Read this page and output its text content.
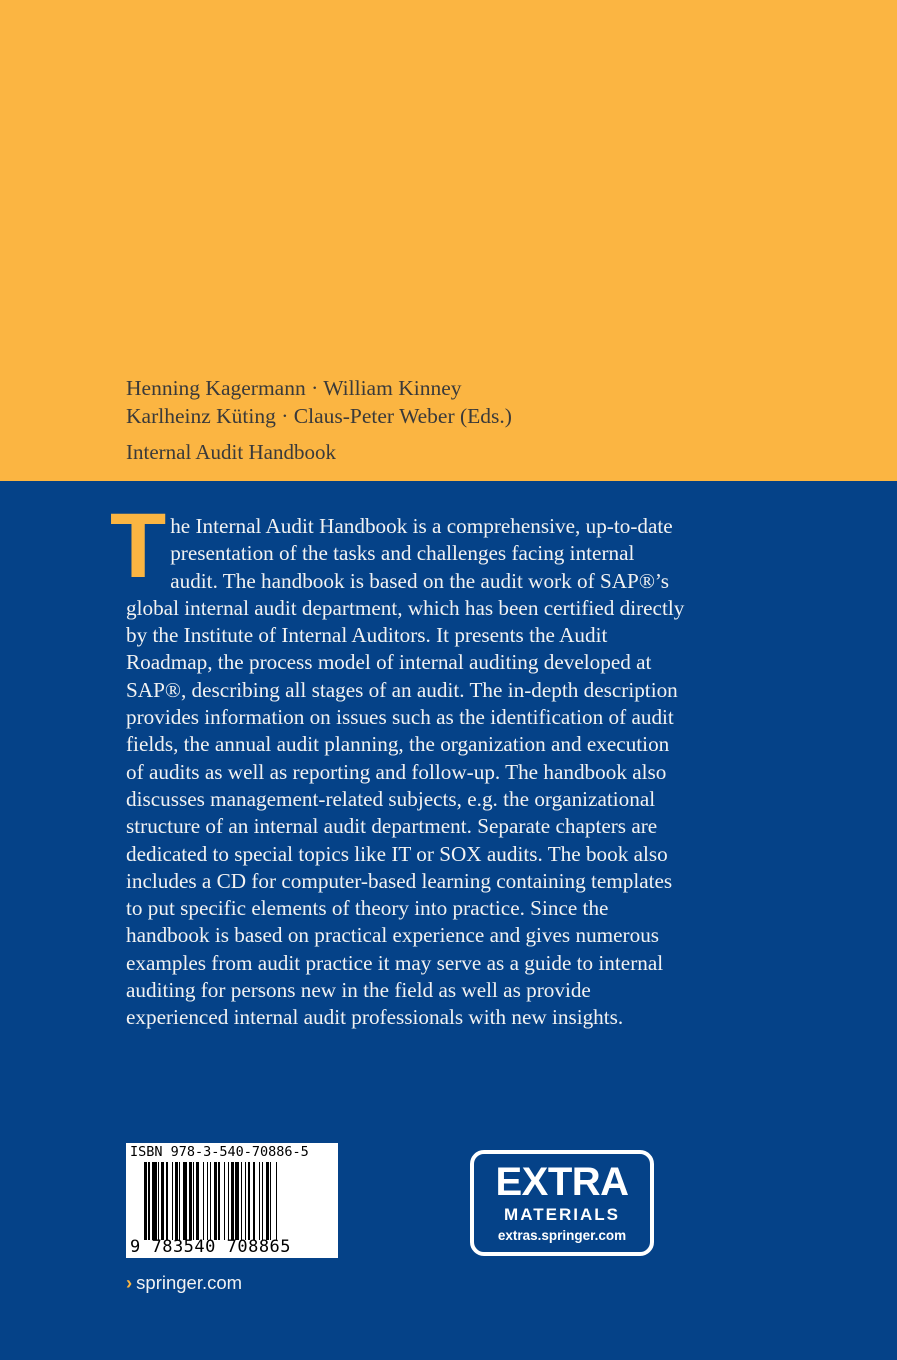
Henning Kagermann · William Kinney
Karlheinz Küting · Claus-Peter Weber (Eds.)
Internal Audit Handbook
T he Internal Audit Handbook is a comprehensive, up-to-date presentation of the tasks and challenges facing internal audit. The handbook is based on the audit work of SAP®’s global internal audit department, which has been certified directly by the Institute of Internal Auditors. It presents the Audit Roadmap, the process model of internal auditing developed at SAP®, describing all stages of an audit. The in-depth description provides information on issues such as the identification of audit fields, the annual audit planning, the organization and execution of audits as well as reporting and follow-up. The handbook also discusses management-related subjects, e.g. the organizational structure of an internal audit department. Separate chapters are dedicated to special topics like IT or SOX audits. The book also includes a CD for computer-based learning containing templates to put specific elements of theory into practice. Since the handbook is based on practical experience and gives numerous examples from audit practice it may serve as a guide to internal auditing for persons new in the field as well as provide experienced internal audit professionals with new insights.

ISBN 978-3-540-70886-5
9 783540 708865
› springer.com
EXTRA
MATERIALS
extras.springer.com
